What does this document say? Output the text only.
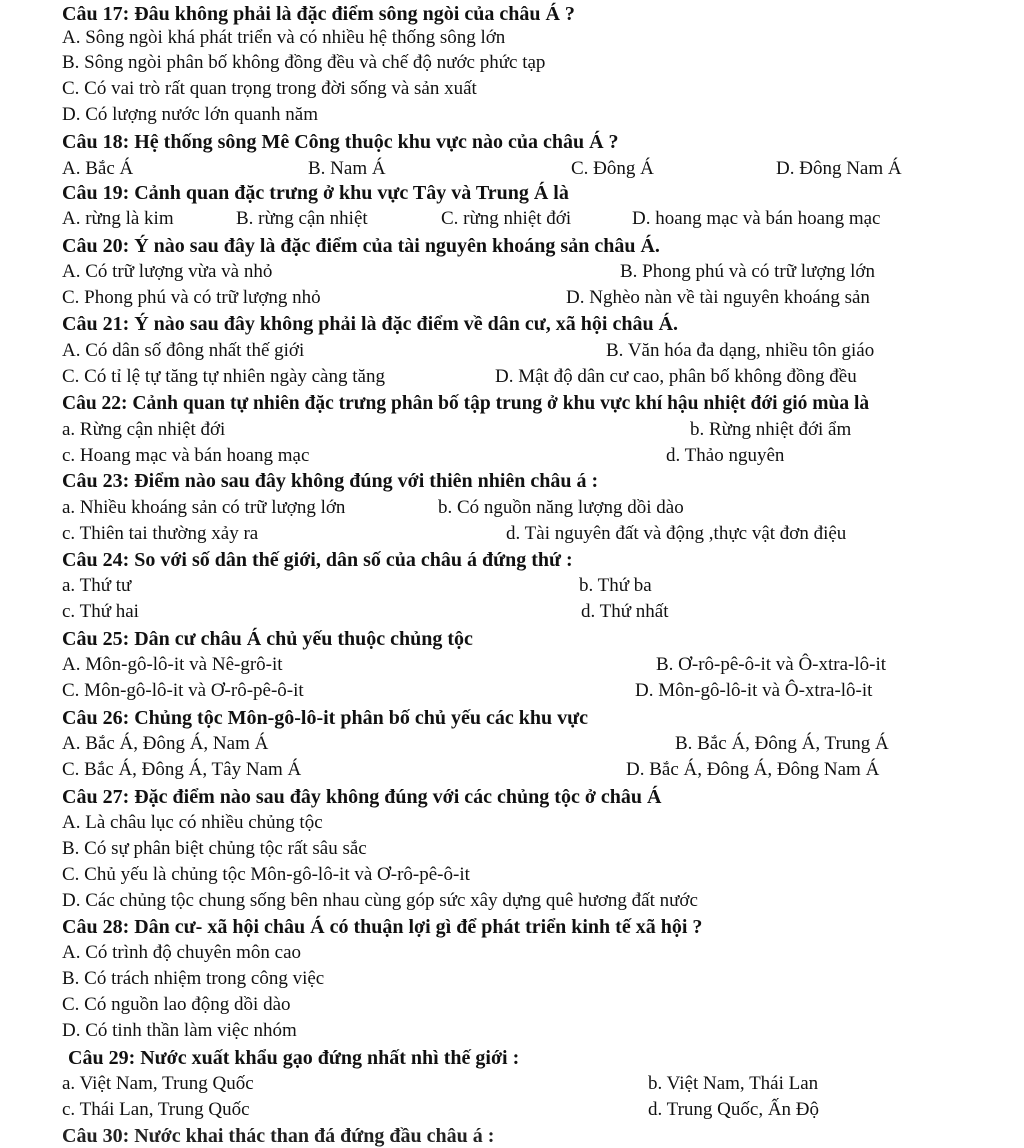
Câu 17: Đâu không phải là đặc điểm sông ngòi của châu Á ?
A. Sông ngòi khá phát triển và có nhiều hệ thống sông lớn
B. Sông ngòi phân bố không đồng đều và chế độ nước phức tạp
C. Có vai trò rất quan trọng trong đời sống và sản xuất
D. Có lượng nước lớn quanh năm
Câu 18: Hệ thống sông Mê Công thuộc khu vực nào của châu Á ?
A. Bắc Á	B. Nam Á	C. Đông Á	D. Đông Nam Á
Câu 19: Cảnh quan đặc trưng ở khu vực Tây và Trung Á là
A. rừng là kim	B. rừng cận nhiệt	C. rừng nhiệt đới	D. hoang mạc và bán hoang mạc
Câu 20: Ý nào sau đây là đặc điểm của tài nguyên khoáng sản châu Á.
A. Có trữ lượng vừa và nhỏ	B. Phong phú và có trữ lượng lớn
C. Phong phú và có trữ lượng nhỏ	D. Nghèo nàn về tài nguyên khoáng sản
Câu 21: Ý nào sau đây không phải là đặc điểm về dân cư, xã hội châu Á.
A. Có dân số đông nhất thế giới	B. Văn hóa đa dạng, nhiều tôn giáo
C. Có tỉ lệ tự tăng tự nhiên ngày càng tăng	D. Mật độ dân cư cao, phân bố không đồng đều
Câu 22: Cảnh quan tự nhiên đặc trưng phân bố tập trung ở khu vực khí hậu nhiệt đới gió mùa là
a. Rừng cận nhiệt đới	b. Rừng nhiệt đới ẩm
c. Hoang mạc và bán hoang mạc	d. Thảo nguyên
Câu 23: Điểm nào sau đây không đúng với thiên nhiên châu á :
a. Nhiều khoáng sản có trữ lượng lớn	b. Có nguồn năng lượng dồi dào
c. Thiên tai thường xảy ra	d. Tài nguyên đất và động ,thực vật đơn điệu
Câu 24: So với số dân thế giới, dân số của châu á đứng thứ :
a. Thứ tư	b. Thứ ba
c. Thứ hai	d. Thứ nhất
Câu 25: Dân cư châu Á chủ yếu thuộc chủng tộc
A. Môn-gô-lô-it và Nê-grô-it	B. Ơ-rô-pê-ô-it và Ô-xtra-lô-it
C. Môn-gô-lô-it và Ơ-rô-pê-ô-it	D. Môn-gô-lô-it và Ô-xtra-lô-it
Câu 26: Chủng tộc Môn-gô-lô-it phân bố chủ yếu các khu vực
A. Bắc Á, Đông Á, Nam Á	B. Bắc Á, Đông Á, Trung Á
C. Bắc Á, Đông Á, Tây Nam Á	D. Bắc Á, Đông Á, Đông Nam Á
Câu 27: Đặc điểm nào sau đây không đúng với các chủng tộc ở châu Á
A. Là châu lục có nhiều chủng tộc
B. Có sự phân biệt chủng tộc rất sâu sắc
C. Chủ yếu là chủng tộc Môn-gô-lô-it và Ơ-rô-pê-ô-it
D. Các chủng tộc chung sống bên nhau cùng góp sức xây dựng quê hương đất nước
Câu 28: Dân cư- xã hội châu Á có thuận lợi gì để phát triển kinh tế xã hội ?
A. Có trình độ chuyên môn cao
B. Có trách nhiệm trong công việc
C. Có nguồn lao động dồi dào
D. Có tinh thần làm việc nhóm
Câu 29: Nước xuất khẩu gạo đứng nhất nhì thế giới :
a. Việt Nam, Trung Quốc	b. Việt Nam, Thái Lan
c. Thái Lan, Trung Quốc	d. Trung Quốc, Ấn Độ
Câu 30: Nước khai thác than đá đứng đầu châu á :
